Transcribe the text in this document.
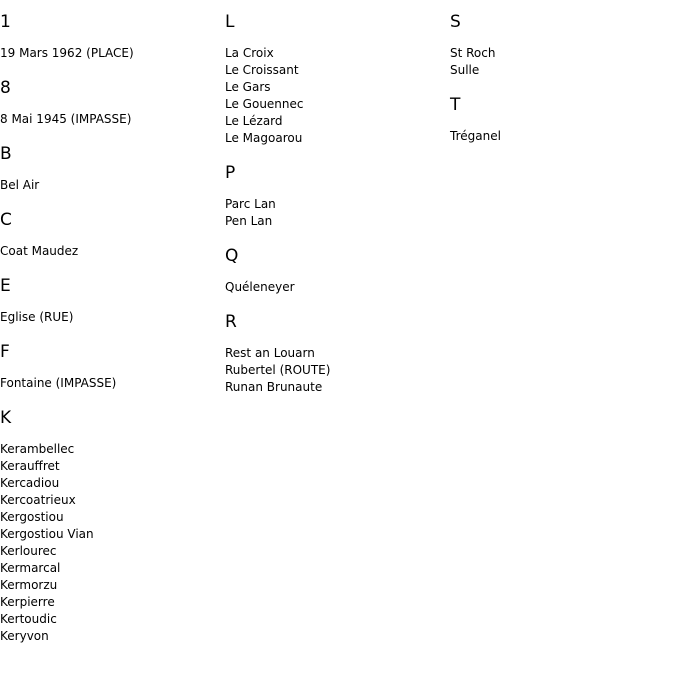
1
19 Mars 1962 (PLACE)
8
8 Mai 1945 (IMPASSE)
B
Bel Air
C
Coat Maudez
E
Eglise (RUE)
F
Fontaine (IMPASSE)
K
Kerambellec
Kerauffret
Kercadiou
Kercoatrieux
Kergostiou
Kergostiou Vian
Kerlourec
Kermarcal
Kermorzu
Kerpierre
Kertoudic
Keryvon
L
La Croix
Le Croissant
Le Gars
Le Gouennec
Le Lézard
Le Magoarou
P
Parc Lan
Pen Lan
Q
Quéleneyer
R
Rest an Louarn
Rubertel (ROUTE)
Runan Brunaute
S
St Roch
Sulle
T
Tréganel
